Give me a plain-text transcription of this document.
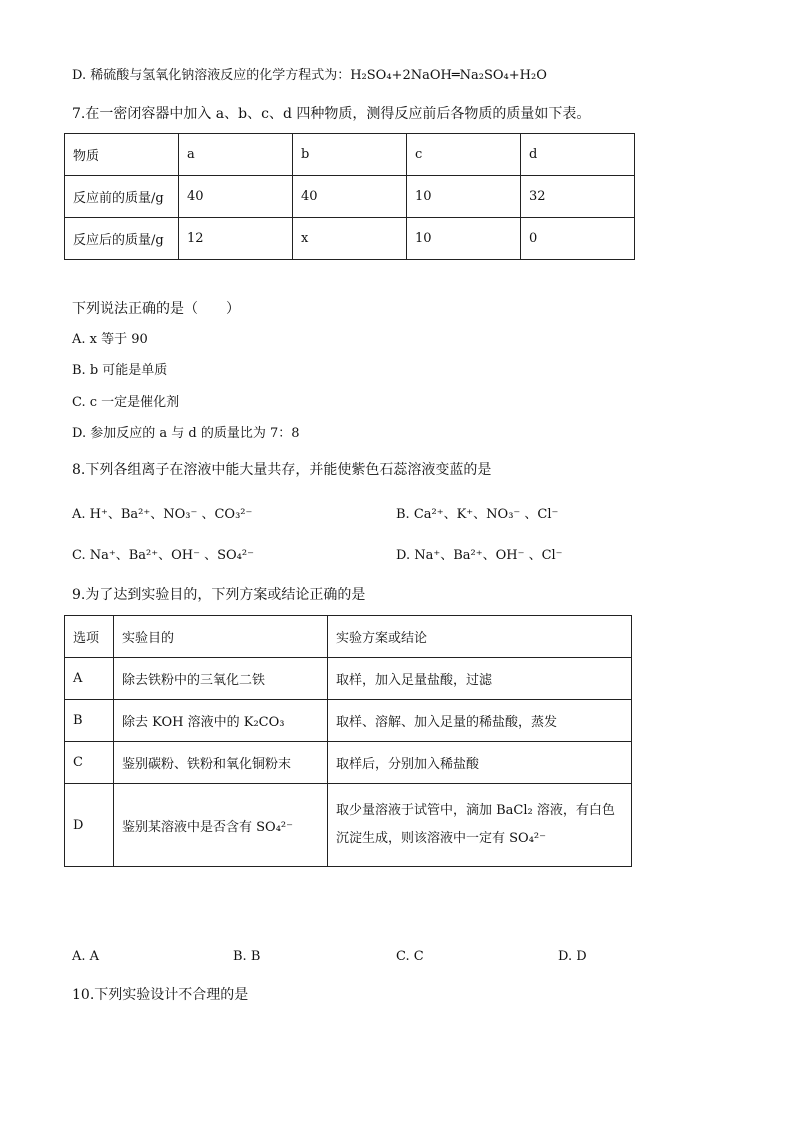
D. 稀硫酸与氢氧化钠溶液反应的化学方程式为：H₂SO₄+2NaOH═Na₂SO₄+H₂O
7.在一密闭容器中加入 a、b、c、d 四种物质，测得反应前后各物质的质量如下表。
物质	a	b	c	d
反应前的质量/g	40	40	10	32
反应后的质量/g	12	x	10	0
下列说法正确的是（　　）
A. x 等于 90
B. b 可能是单质
C. c 一定是催化剂
D. 参加反应的 a 与 d 的质量比为 7：8
8.下列各组离子在溶液中能大量共存，并能使紫色石蕊溶液变蓝的是
A. H⁺、Ba²⁺、NO₃⁻ 、CO₃²⁻	B. Ca²⁺、K⁺、NO₃⁻ 、Cl⁻
C. Na⁺、Ba²⁺、OH⁻ 、SO₄²⁻	D. Na⁺、Ba²⁺、OH⁻ 、Cl⁻
9.为了达到实验目的，下列方案或结论正确的是
选项	实验目的	实验方案或结论
A	除去铁粉中的三氧化二铁	取样，加入足量盐酸，过滤
B	除去 KOH 溶液中的 K₂CO₃	取样、溶解、加入足量的稀盐酸，蒸发
C	鉴别碳粉、铁粉和氧化铜粉末	取样后，分别加入稀盐酸
D	鉴别某溶液中是否含有 SO₄²⁻	取少量溶液于试管中，滴加 BaCl₂ 溶液，有白色
沉淀生成，则该溶液中一定有 SO₄²⁻
A. A	B. B	C. C	D. D
10.下列实验设计不合理的是
